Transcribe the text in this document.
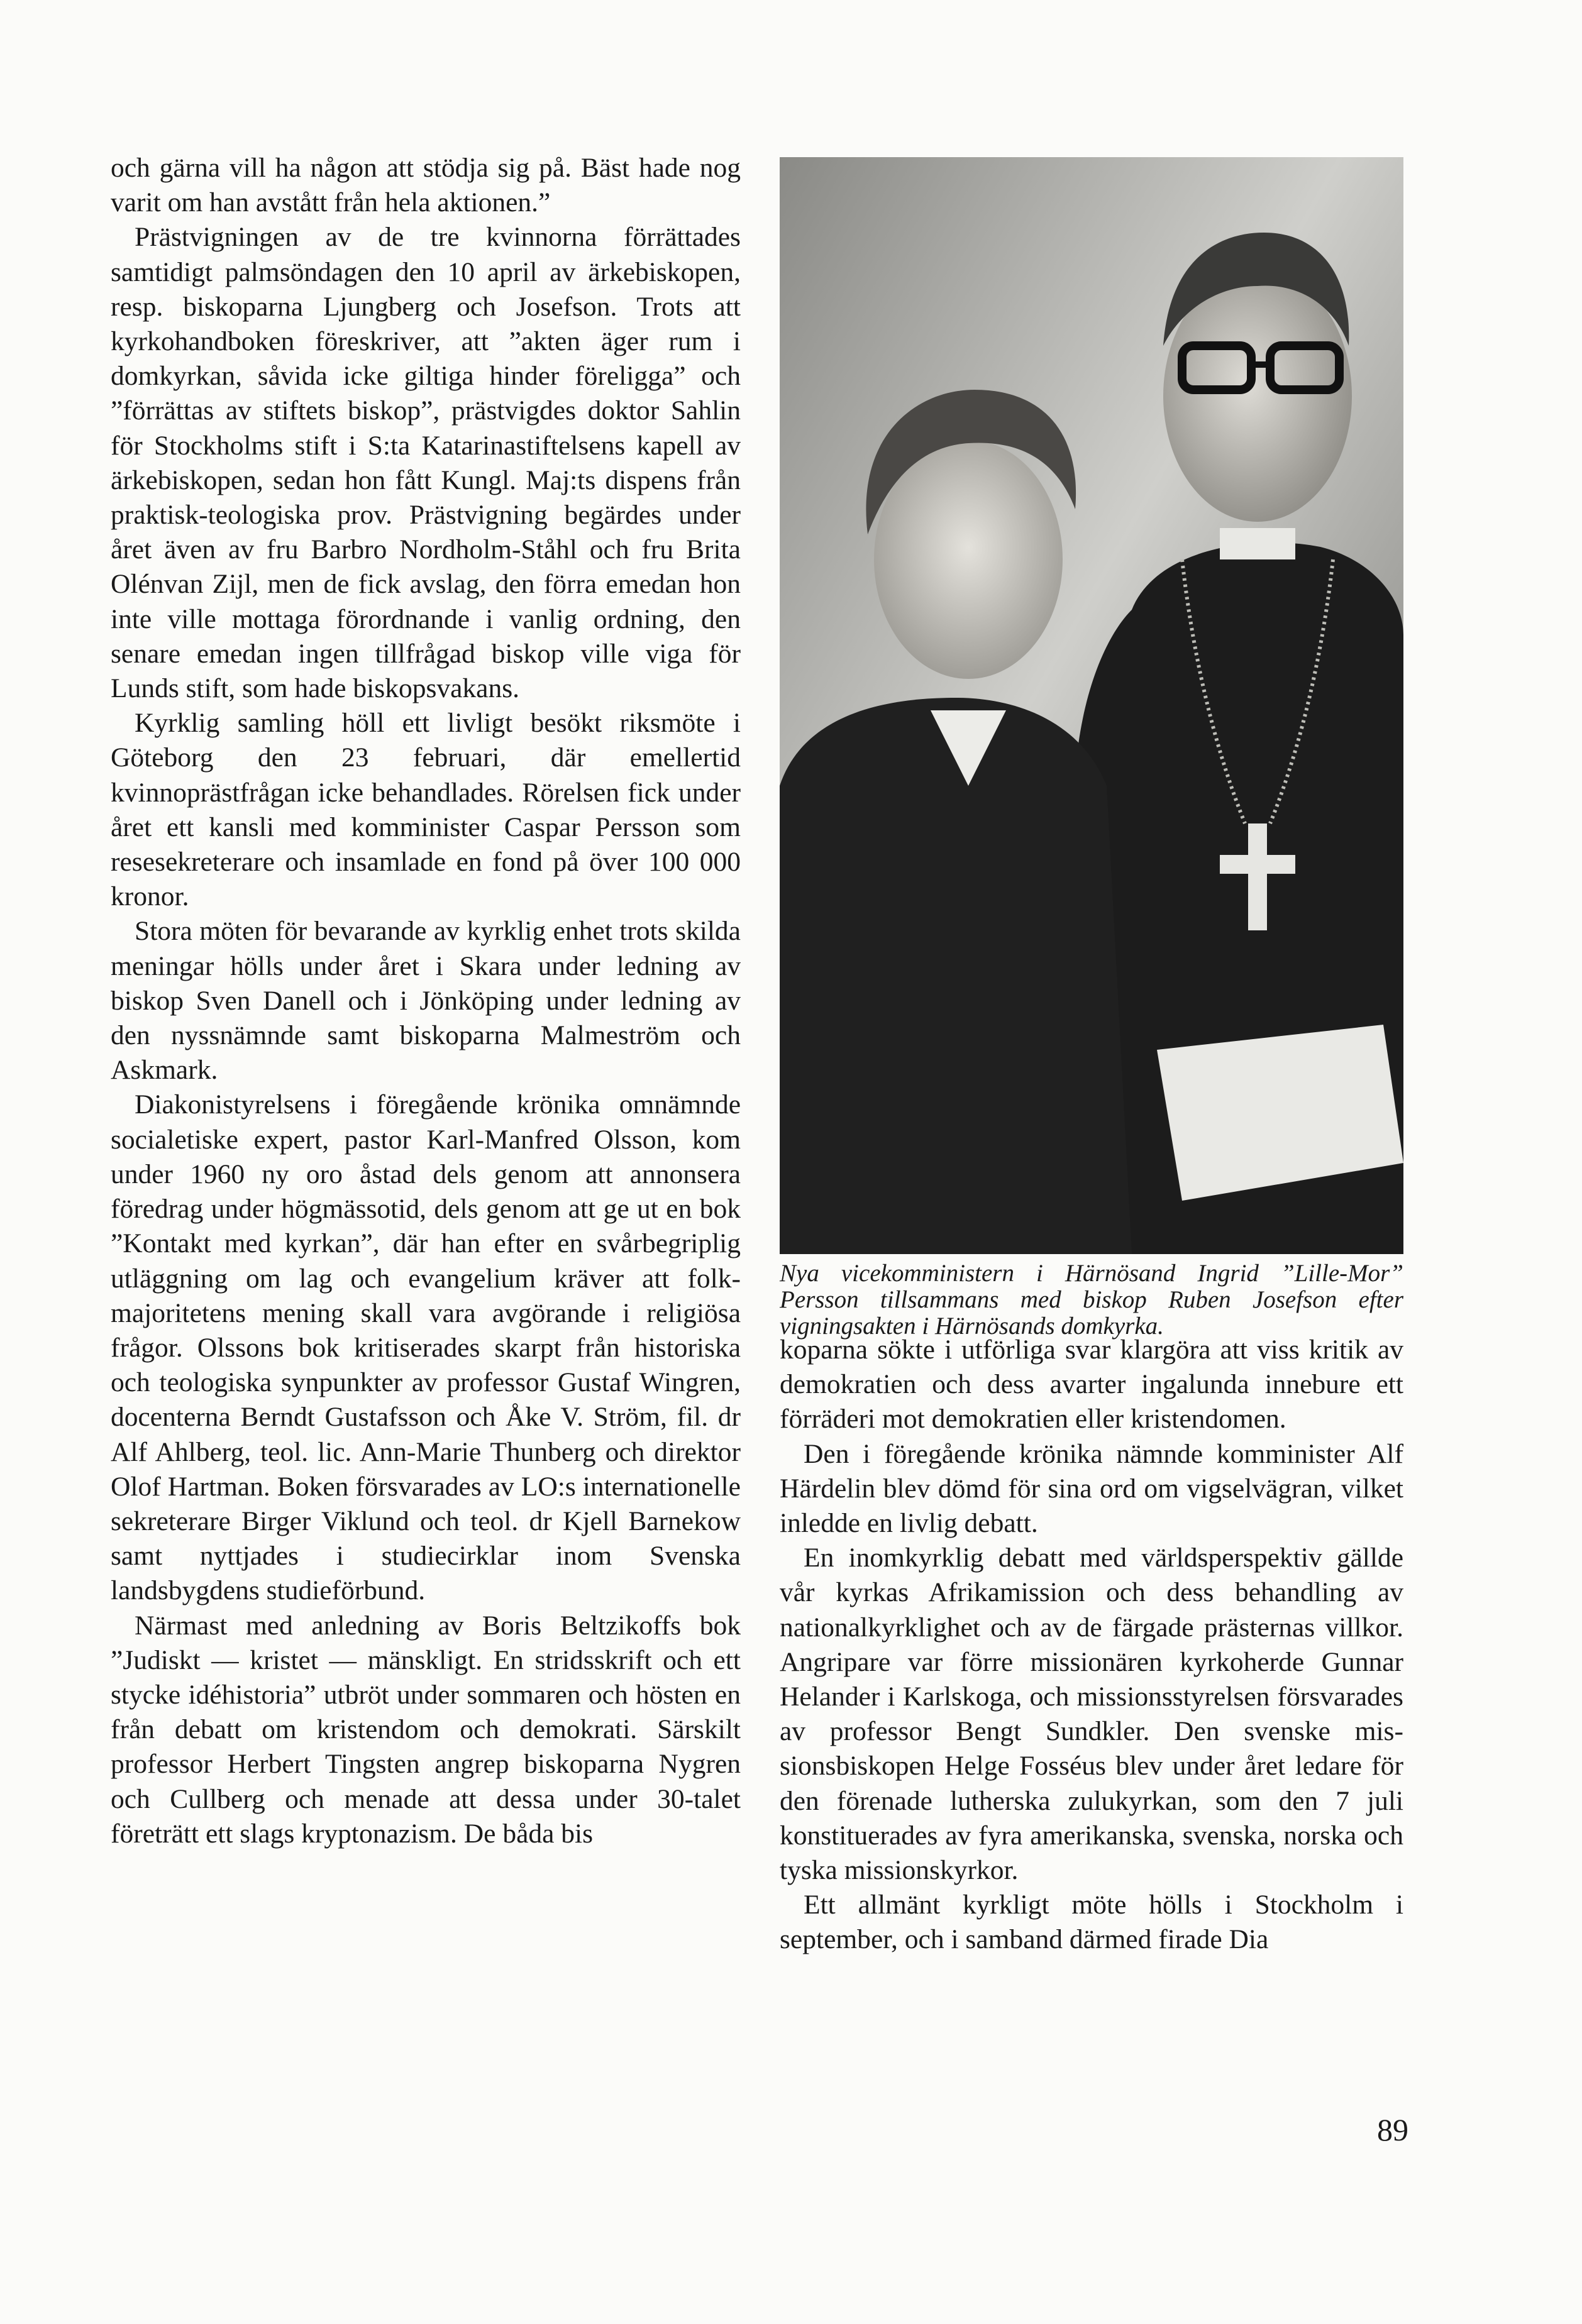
och gärna vill ha någon att stödja sig på. Bäst hade nog varit om han avstått från hela aktionen.”

Prästvigningen av de tre kvinnorna förrättades samtidigt palmsöndagen den 10 april av ärkebiskopen, resp. biskoparna Ljungberg och Josefson. Trots att kyrkohandboken föreskriver, att ”akten äger rum i domkyrkan, såvida icke giltiga hinder föreligga” och ”förrättas av stiftets biskop”, prästvigdes doktor Sahlin för Stockholms stift i S:ta Katarinastiftelsens kapell av ärkebiskopen, sedan hon fått Kungl. Maj:ts dispens från praktisk-teologiska prov. Prästvigning begärdes under året även av fru Barbro Nordholm-Ståhl och fru Brita Olénvan Zijl, men de fick avslag, den förra emedan hon inte ville mottaga förordnande i vanlig ordning, den senare emedan ingen tillfrågad biskop ville viga för Lunds stift, som hade biskopsvakans.

Kyrklig samling höll ett livligt besökt riksmöte i Göteborg den 23 februari, där emellertid kvinnoprästfrågan icke behandlades. Rörelsen fick under året ett kansli med komminister Caspar Persson som resesekreterare och insamlade en fond på över 100 000 kronor.

Stora möten för bevarande av kyrklig enhet trots skilda meningar hölls under året i Skara under ledning av biskop Sven Danell och i Jönköping under ledning av den nyssnämnde samt biskoparna Malmeström och Askmark.

Diakonistyrelsens i föregående krönika omnämnde socialetiske expert, pastor Karl-Manfred Olsson, kom under 1960 ny oro åstad dels genom att annonsera föredrag under högmässotid, dels genom att ge ut en bok ”Kontakt med kyrkan”, där han efter en svårbegriplig utläggning om lag och evangelium kräver att folkmajoritetens mening skall vara avgörande i religiösa frågor. Olssons bok kritiserades skarpt från historiska och teologiska synpunkter av professor Gustaf Wingren, docenterna Berndt Gustafsson och Åke V. Ström, fil. dr Alf Ahlberg, teol. lic. Ann-Marie Thunberg och direktor Olof Hartman. Boken försvarades av LO:s internationelle sekreterare Birger Viklund och teol. dr Kjell Barnekow samt nyttjades i studiecirklar inom Svenska landsbygdens studieförbund.

Närmast med anledning av Boris Beltzikoffs bok ”Judiskt — kristet — mänskligt. En stridsskrift och ett stycke idéhistoria” utbröt under sommaren och hösten en från debatt om kristendom och demokrati. Särskilt professor Herbert Tingsten angrep biskoparna Nygren och Cullberg och menade att dessa under 30-talet företrätt ett slags kryptonazism. De båda bis

Nya vicekomministern i Härnösand Ingrid ”Lille-Mor” Persson tillsammans med biskop Ruben Josefson efter vigningsakten i Härnösands domkyrka.

koparna sökte i utförliga svar klargöra att viss kritik av demokratien och dess avarter ingalunda innebure ett förräderi mot demokratien eller kristendomen.

Den i föregående krönika nämnde komminister Alf Härdelin blev dömd för sina ord om vigselvägran, vilket inledde en livlig debatt.

En inomkyrklig debatt med världsperspektiv gällde vår kyrkas Afrikamission och dess behandling av nationalkyrklighet och av de färgade prästernas villkor. Angripare var förre missionären kyrkoherde Gunnar Helander i Karlskoga, och missionsstyrelsen försvarades av professor Bengt Sundkler. Den svenske missionsbiskopen Helge Fosséus blev under året ledare för den förenade lutherska zulukyrkan, som den 7 juli konstituerades av fyra amerikanska, svenska, norska och tyska missionskyrkor.

Ett allmänt kyrkligt möte hölls i Stockholm i september, och i samband därmed firade Dia

89
